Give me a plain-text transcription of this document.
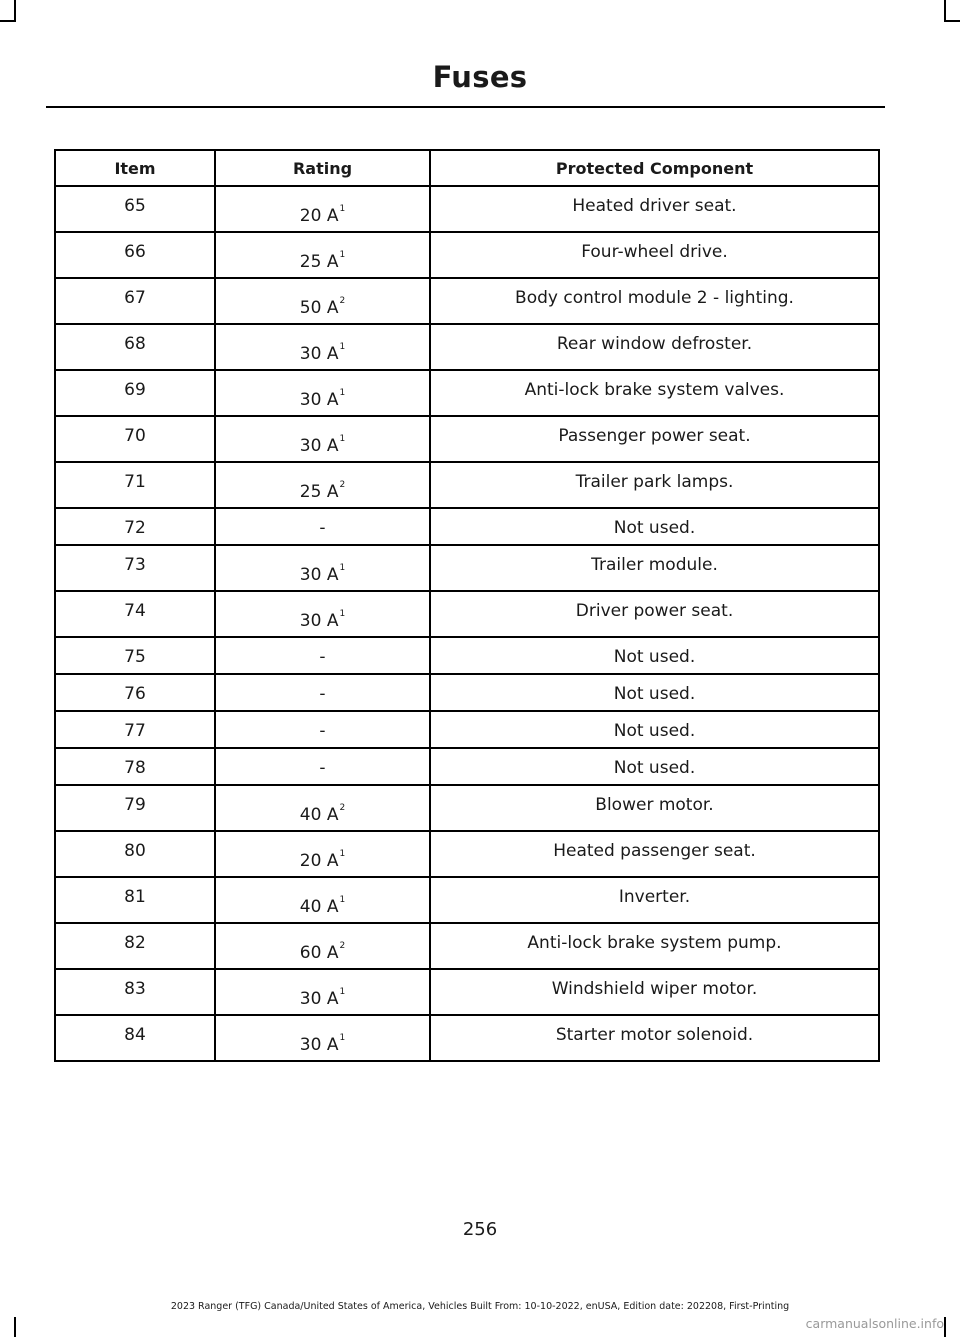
Fuses
Item	Rating	Protected Component
65	20 $A^1$	Heated driver seat.
66	25 $A^1$	Four-wheel drive.
67	50 $A^2$	Body control module 2 - lighting.
68	30 $A^1$	Rear window defroster.
69	30 $A^1$	Anti-lock brake system valves.
70	30 $A^1$	Passenger power seat.
71	25 $A^2$	Trailer park lamps.
72	-	Not used.
73	30 $A^1$	Trailer module.
74	30 $A^1$	Driver power seat.
75	-	Not used.
76	-	Not used.
77	-	Not used.
78	-	Not used.
79	40 $A^2$	Blower motor.
80	20 $A^1$	Heated passenger seat.
81	40 $A^1$	Inverter.
82	60 $A^2$	Anti-lock brake system pump.
83	30 $A^1$	Windshield wiper motor.
84	30 $A^1$	Starter motor solenoid.
256
2023 Ranger (TFG) Canada/United States of America, Vehicles Built From: 10-10-2022, enUSA, Edition date: 202208, First-Printing
carmanualsonline.info
